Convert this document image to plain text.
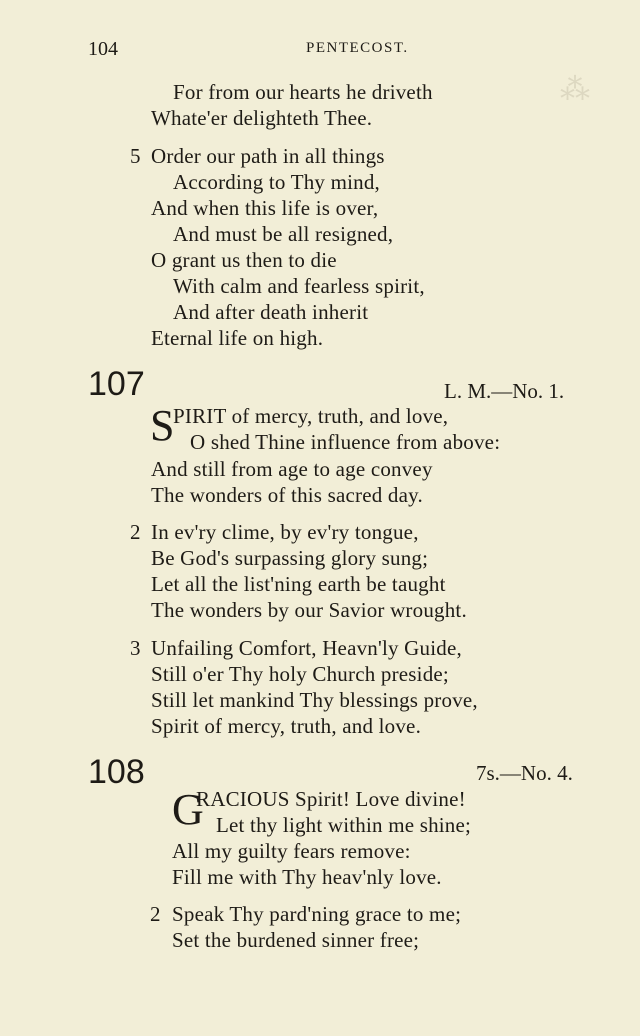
⁂
104	PENTECOST.
For from our hearts he driveth
Whate'er delighteth Thee.
5 Order our path in all things
According to Thy mind,
And when this life is over,
And must be all resigned,
O grant us then to die
With calm and fearless spirit,
And after death inherit
Eternal life on high.
107	L. M.—No. 1.
S
PIRIT of mercy, truth, and love,
O shed Thine influence from above:
And still from age to age convey
The wonders of this sacred day.
2 In ev'ry clime, by ev'ry tongue,
Be God's surpassing glory sung;
Let all the list'ning earth be taught
The wonders by our Savior wrought.
3 Unfailing Comfort, Heavn'ly Guide,
Still o'er Thy holy Church preside;
Still let mankind Thy blessings prove,
Spirit of mercy, truth, and love.
108	7s.—No. 4.
G
RACIOUS Spirit! Love divine!
Let thy light within me shine;
All my guilty fears remove:
Fill me with Thy heav'nly love.
2 Speak Thy pard'ning grace to me;
Set the burdened sinner free;
